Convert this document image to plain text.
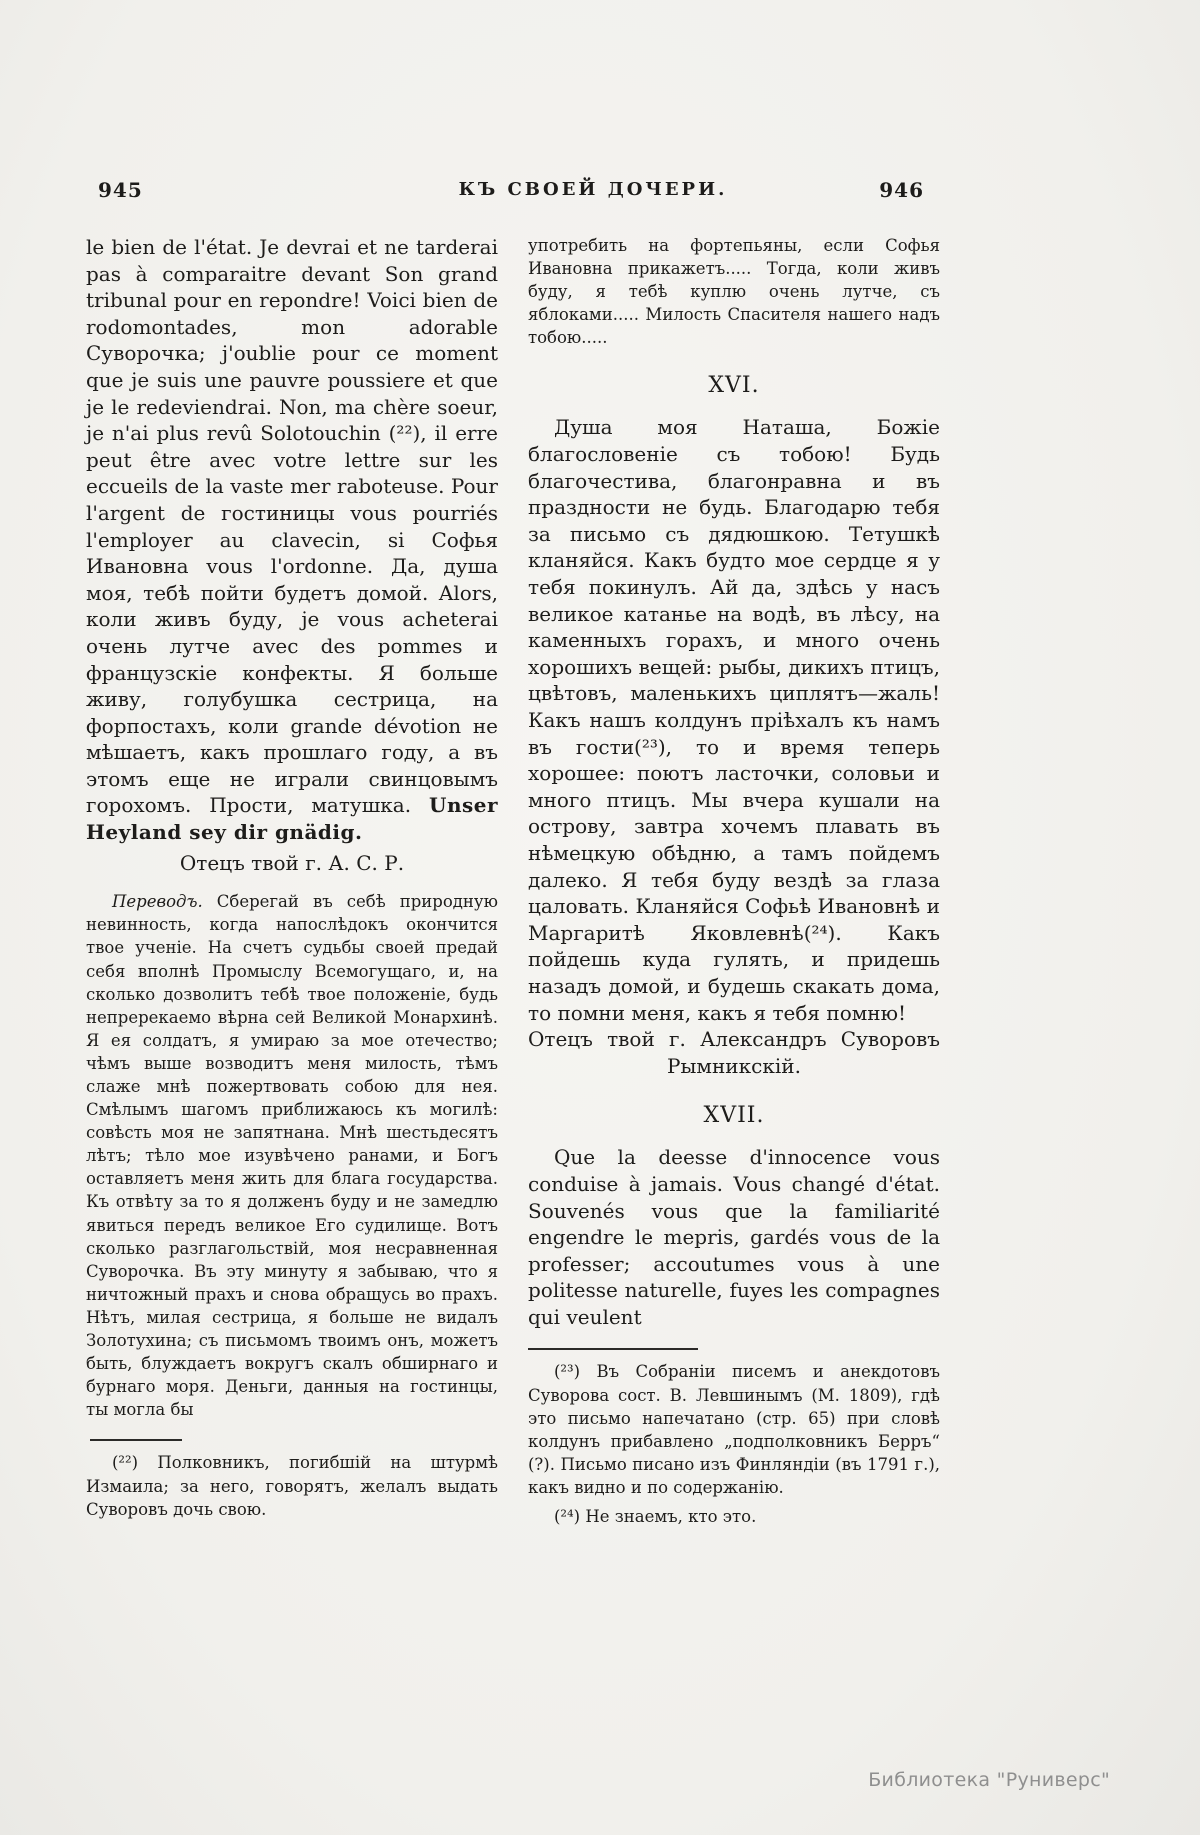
945	КЪ СВОЕЙ ДОЧЕРИ.	946

le bien de l'état. Je devrai et ne tarderai pas à comparaitre devant Son grand tribunal pour en repondre! Voici bien de rodomontades, mon adorable Суворочка; j'oublie pour ce moment que je suis une pauvre poussiere et que je le redeviendrai. Non, ma chère soeur, je n'ai plus revû Solotouchin (²²), il erre peut être avec votre lettre sur les eccueils de la vaste mer raboteuse. Pour l'argent de гостиницы vous pourriés l'employer au clavecin, si Софья Ивановна vous l'ordonne. Да, душа моя, тебѣ пойти будетъ домой. Alors, коли живъ буду, je vous acheterai очень лутче avec des pommes и французскіе конфекты. Я больше живу, голубушка сестрица, на форпостахъ, коли grande dévotion не мѣшаетъ, какъ прошлаго году, а въ этомъ еще не играли свинцовымъ горохомъ. Прости, матушка. Unser Heyland sey dir gnädig.

Отецъ твой г. А. С. Р.

Переводъ. Сберегай въ себѣ природную невинность, когда напослѣдокъ окончится твое ученіе. На счетъ судьбы своей предай себя вполнѣ Промыслу Всемогущаго, и, на сколько дозволитъ тебѣ твое положеніе, будь непререкаемо вѣрна сей Великой Монархинѣ. Я ея солдатъ, я умираю за мое отечество; чѣмъ выше возводитъ меня милость, тѣмъ слаже мнѣ пожертвовать собою для нея. Смѣлымъ шагомъ приближаюсь къ могилѣ: совѣсть моя не запятнана. Мнѣ шестьдесятъ лѣтъ; тѣло мое изувѣчено ранами, и Богъ оставляетъ меня жить для блага государства. Къ отвѣту за то я долженъ буду и не замедлю явиться передъ великое Его судилище. Вотъ сколько разглагольствій, моя несравненная Суворочка. Въ эту минуту я забываю, что я ничтожный прахъ и снова обращусь во прахъ. Нѣтъ, милая сестрица, я больше не видалъ Золотухина; съ письмомъ твоимъ онъ, можетъ быть, блуждаетъ вокругъ скалъ обширнаго и бурнаго моря. Деньги, данныя на гостинцы, ты могла бы

(²²) Полковникъ, погибшій на штурмѣ Измаила; за него, говорятъ, желалъ выдать Суворовъ дочь свою.

употребить на фортепьяны, если Софья Ивановна прикажетъ..... Тогда, коли живъ буду, я тебѣ куплю очень лутче, съ яблоками..... Милость Спасителя нашего надъ тобою.....

XVI.

Душа моя Наташа, Божіе благословеніе съ тобою! Будь благочестива, благонравна и въ праздности не будь. Благодарю тебя за письмо съ дядюшкою. Тетушкѣ кланяйся. Какъ будто мое сердце я у тебя покинулъ. Ай да, здѣсь у насъ великое катанье на водѣ, въ лѣсу, на каменныхъ горахъ, и много очень хорошихъ вещей: рыбы, дикихъ птицъ, цвѣтовъ, маленькихъ циплятъ—жаль! Какъ нашъ колдунъ пріѣхалъ къ намъ въ гости(²³), то и время теперь хорошее: поютъ ласточки, соловьи и много птицъ. Мы вчера кушали на острову, завтра хочемъ плавать въ нѣмецкую обѣдню, а тамъ пойдемъ далеко. Я тебя буду вездѣ за глаза цаловать. Кланяйся Софьѣ Ивановнѣ и Маргаритѣ Яковлевнѣ(²⁴). Какъ пойдешь куда гулять, и придешь назадъ домой, и будешь скакать дома, то помни меня, какъ я тебя помню!

Отецъ твой г. Александръ Суворовъ

Рымникскій.

XVII.

Que la deesse d'innocence vous conduise à jamais. Vous changé d'état. Souvenés vous que la familiarité engendre le mepris, gardés vous de la professer; accoutumes vous à une politesse naturelle, fuyes les compagnes qui veulent

(²³) Въ Собраніи писемъ и анекдотовъ Суворова сост. В. Левшинымъ (М. 1809), гдѣ это письмо напечатано (стр. 65) при словѣ колдунъ прибавлено „подполковникъ Берръ“ (?). Письмо писано изъ Финляндіи (въ 1791 г.), какъ видно и по содержанію.

(²⁴) Не знаемъ, кто это.

Библиотека "Руниверс"
